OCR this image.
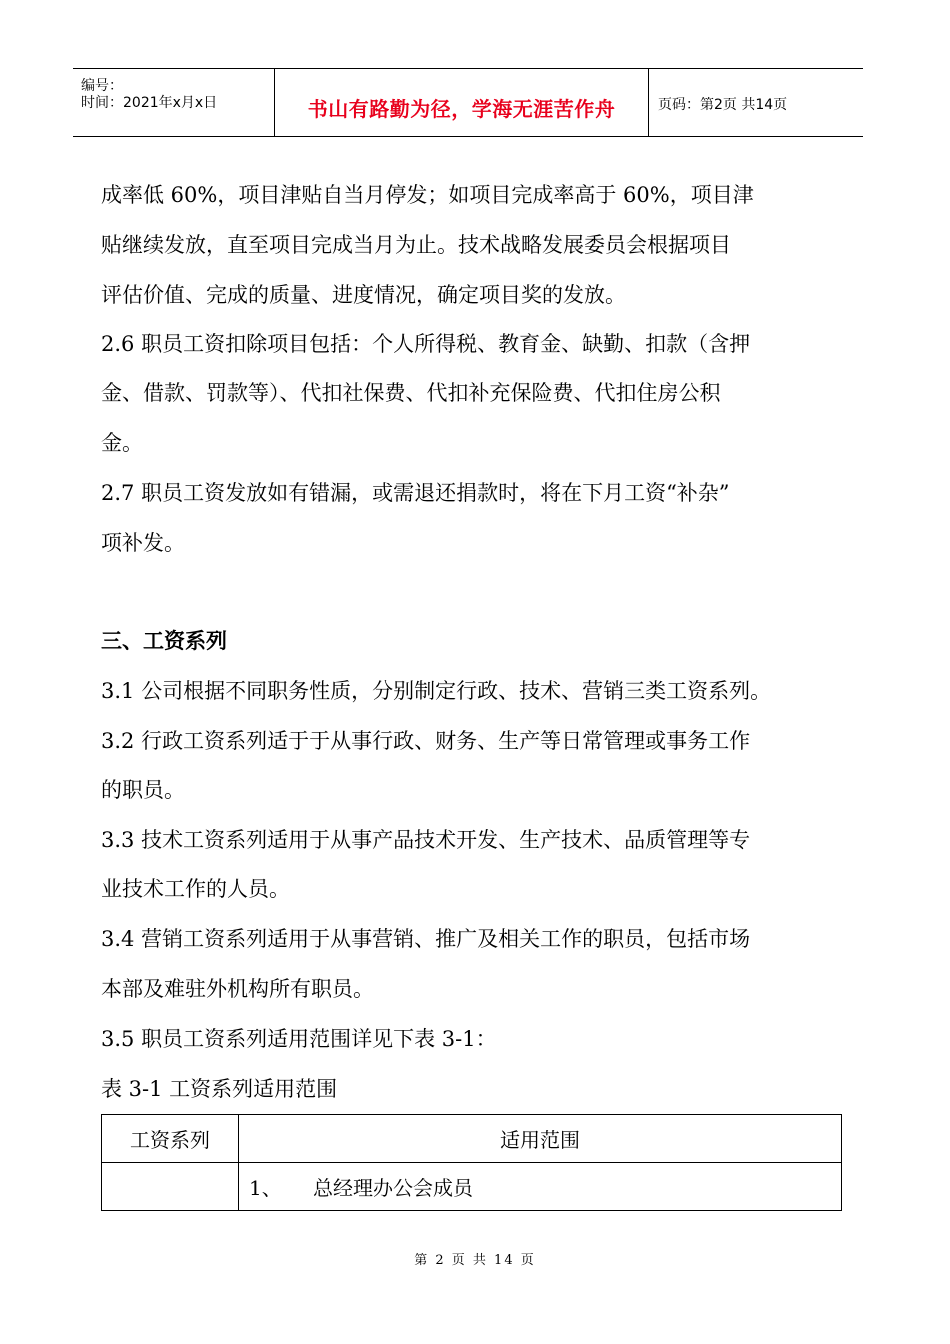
编号：
时间：2021年x月x日	书山有路勤为径，学海无涯苦作舟	页码：第2页 共14页
成率低 60%，项目津贴自当月停发；如项目完成率高于 60%，项目津
贴继续发放，直至项目完成当月为止。技术战略发展委员会根据项目
评估价值、完成的质量、进度情况，确定项目奖的发放。
2.6 职员工资扣除项目包括：个人所得税、教育金、缺勤、扣款（含押
金、借款、罚款等）、代扣社保费、代扣补充保险费、代扣住房公积
金。
2.7 职员工资发放如有错漏，或需退还捐款时，将在下月工资“补杂”
项补发。
三、工资系列
3.1 公司根据不同职务性质，分别制定行政、技术、营销三类工资系列。
3.2 行政工资系列适于于从事行政、财务、生产等日常管理或事务工作
的职员。
3.3 技术工资系列适用于从事产品技术开发、生产技术、品质管理等专
业技术工作的人员。
3.4 营销工资系列适用于从事营销、推广及相关工作的职员，包括市场
本部及难驻外机构所有职员。
3.5 职员工资系列适用范围详见下表 3-1：
表 3-1 工资系列适用范围
工资系列	适用范围
	1、 总经理办公会成员
第 2 页 共 14 页
